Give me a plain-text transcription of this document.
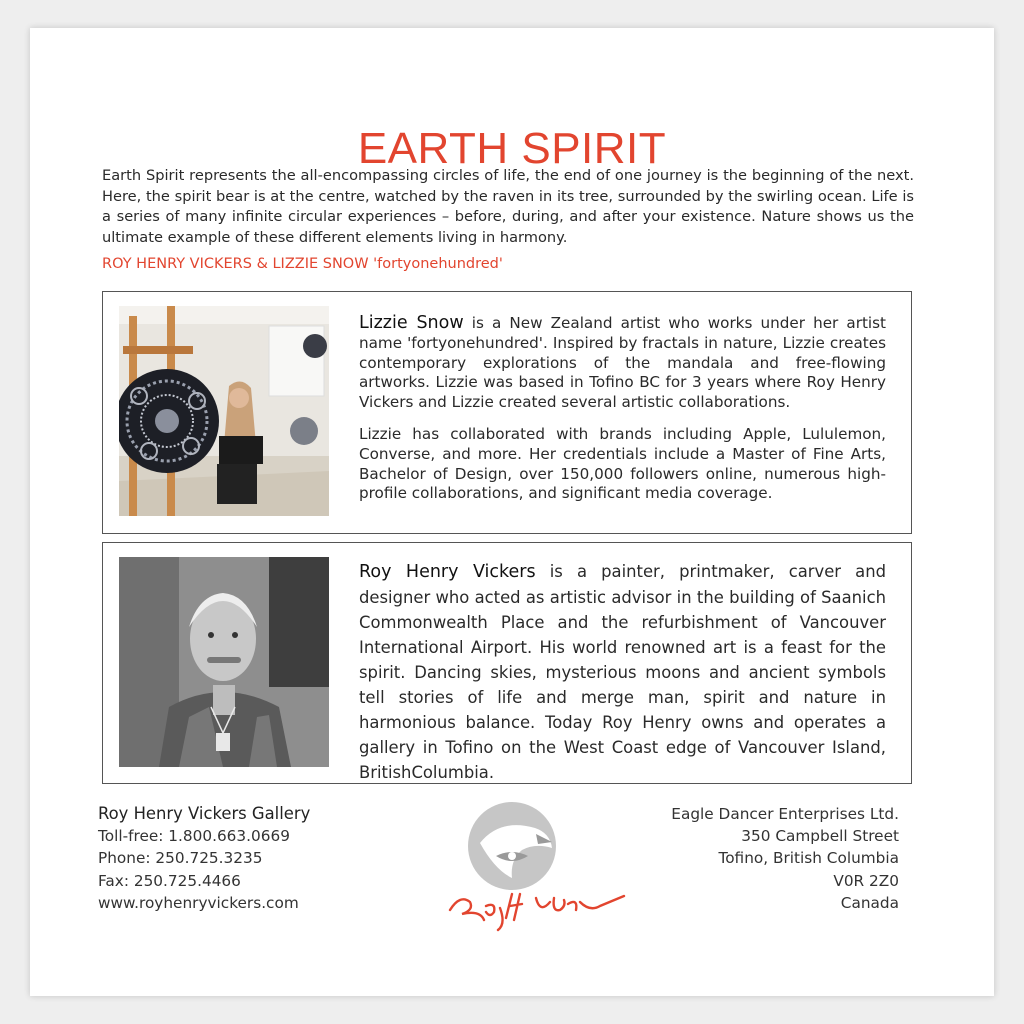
EARTH SPIRIT

Earth Spirit represents the all-encompassing circles of life, the end of one journey is the beginning of the next. Here, the spirit bear is at the centre, watched by the raven in its tree, surrounded by the swirling ocean. Life is a series of many infinite circular experiences – before, during, and after your existence. Nature shows us the ultimate example of these different elements living in harmony.

ROY HENRY VICKERS & LIZZIE SNOW 'fortyonehundred'

Lizzie Snow is a New Zealand artist who works under her artist name 'fortyonehundred'. Inspired by fractals in nature, Lizzie creates contemporary explorations of the mandala and free-flowing artworks. Lizzie was based in Tofino BC for 3 years where Roy Henry Vickers and Lizzie created several artistic collaborations.

Lizzie has collaborated with brands including Apple, Lululemon, Converse, and more. Her credentials include a Master of Fine Arts, Bachelor of Design, over 150,000 followers online, numerous high-profile collaborations, and significant media coverage.

Roy Henry Vickers is a painter, printmaker, carver and designer who acted as artistic advisor in the building of Saanich Commonwealth Place and the refurbishment of Vancouver International Airport. His world renowned art is a feast for the spirit. Dancing skies, mysterious moons and ancient symbols tell stories of life and merge man, spirit and nature in harmonious balance. Today Roy Henry owns and operates a gallery in Tofino on the West Coast edge of Vancouver Island, BritishColumbia.
Roy Henry Vickers Gallery
Toll-free: 1.800.663.0669
Phone: 250.725.3235
Fax: 250.725.4466
www.royhenryvickers.com
Eagle Dancer Enterprises Ltd.
350 Campbell Street
Tofino, British Columbia
V0R 2Z0
Canada
